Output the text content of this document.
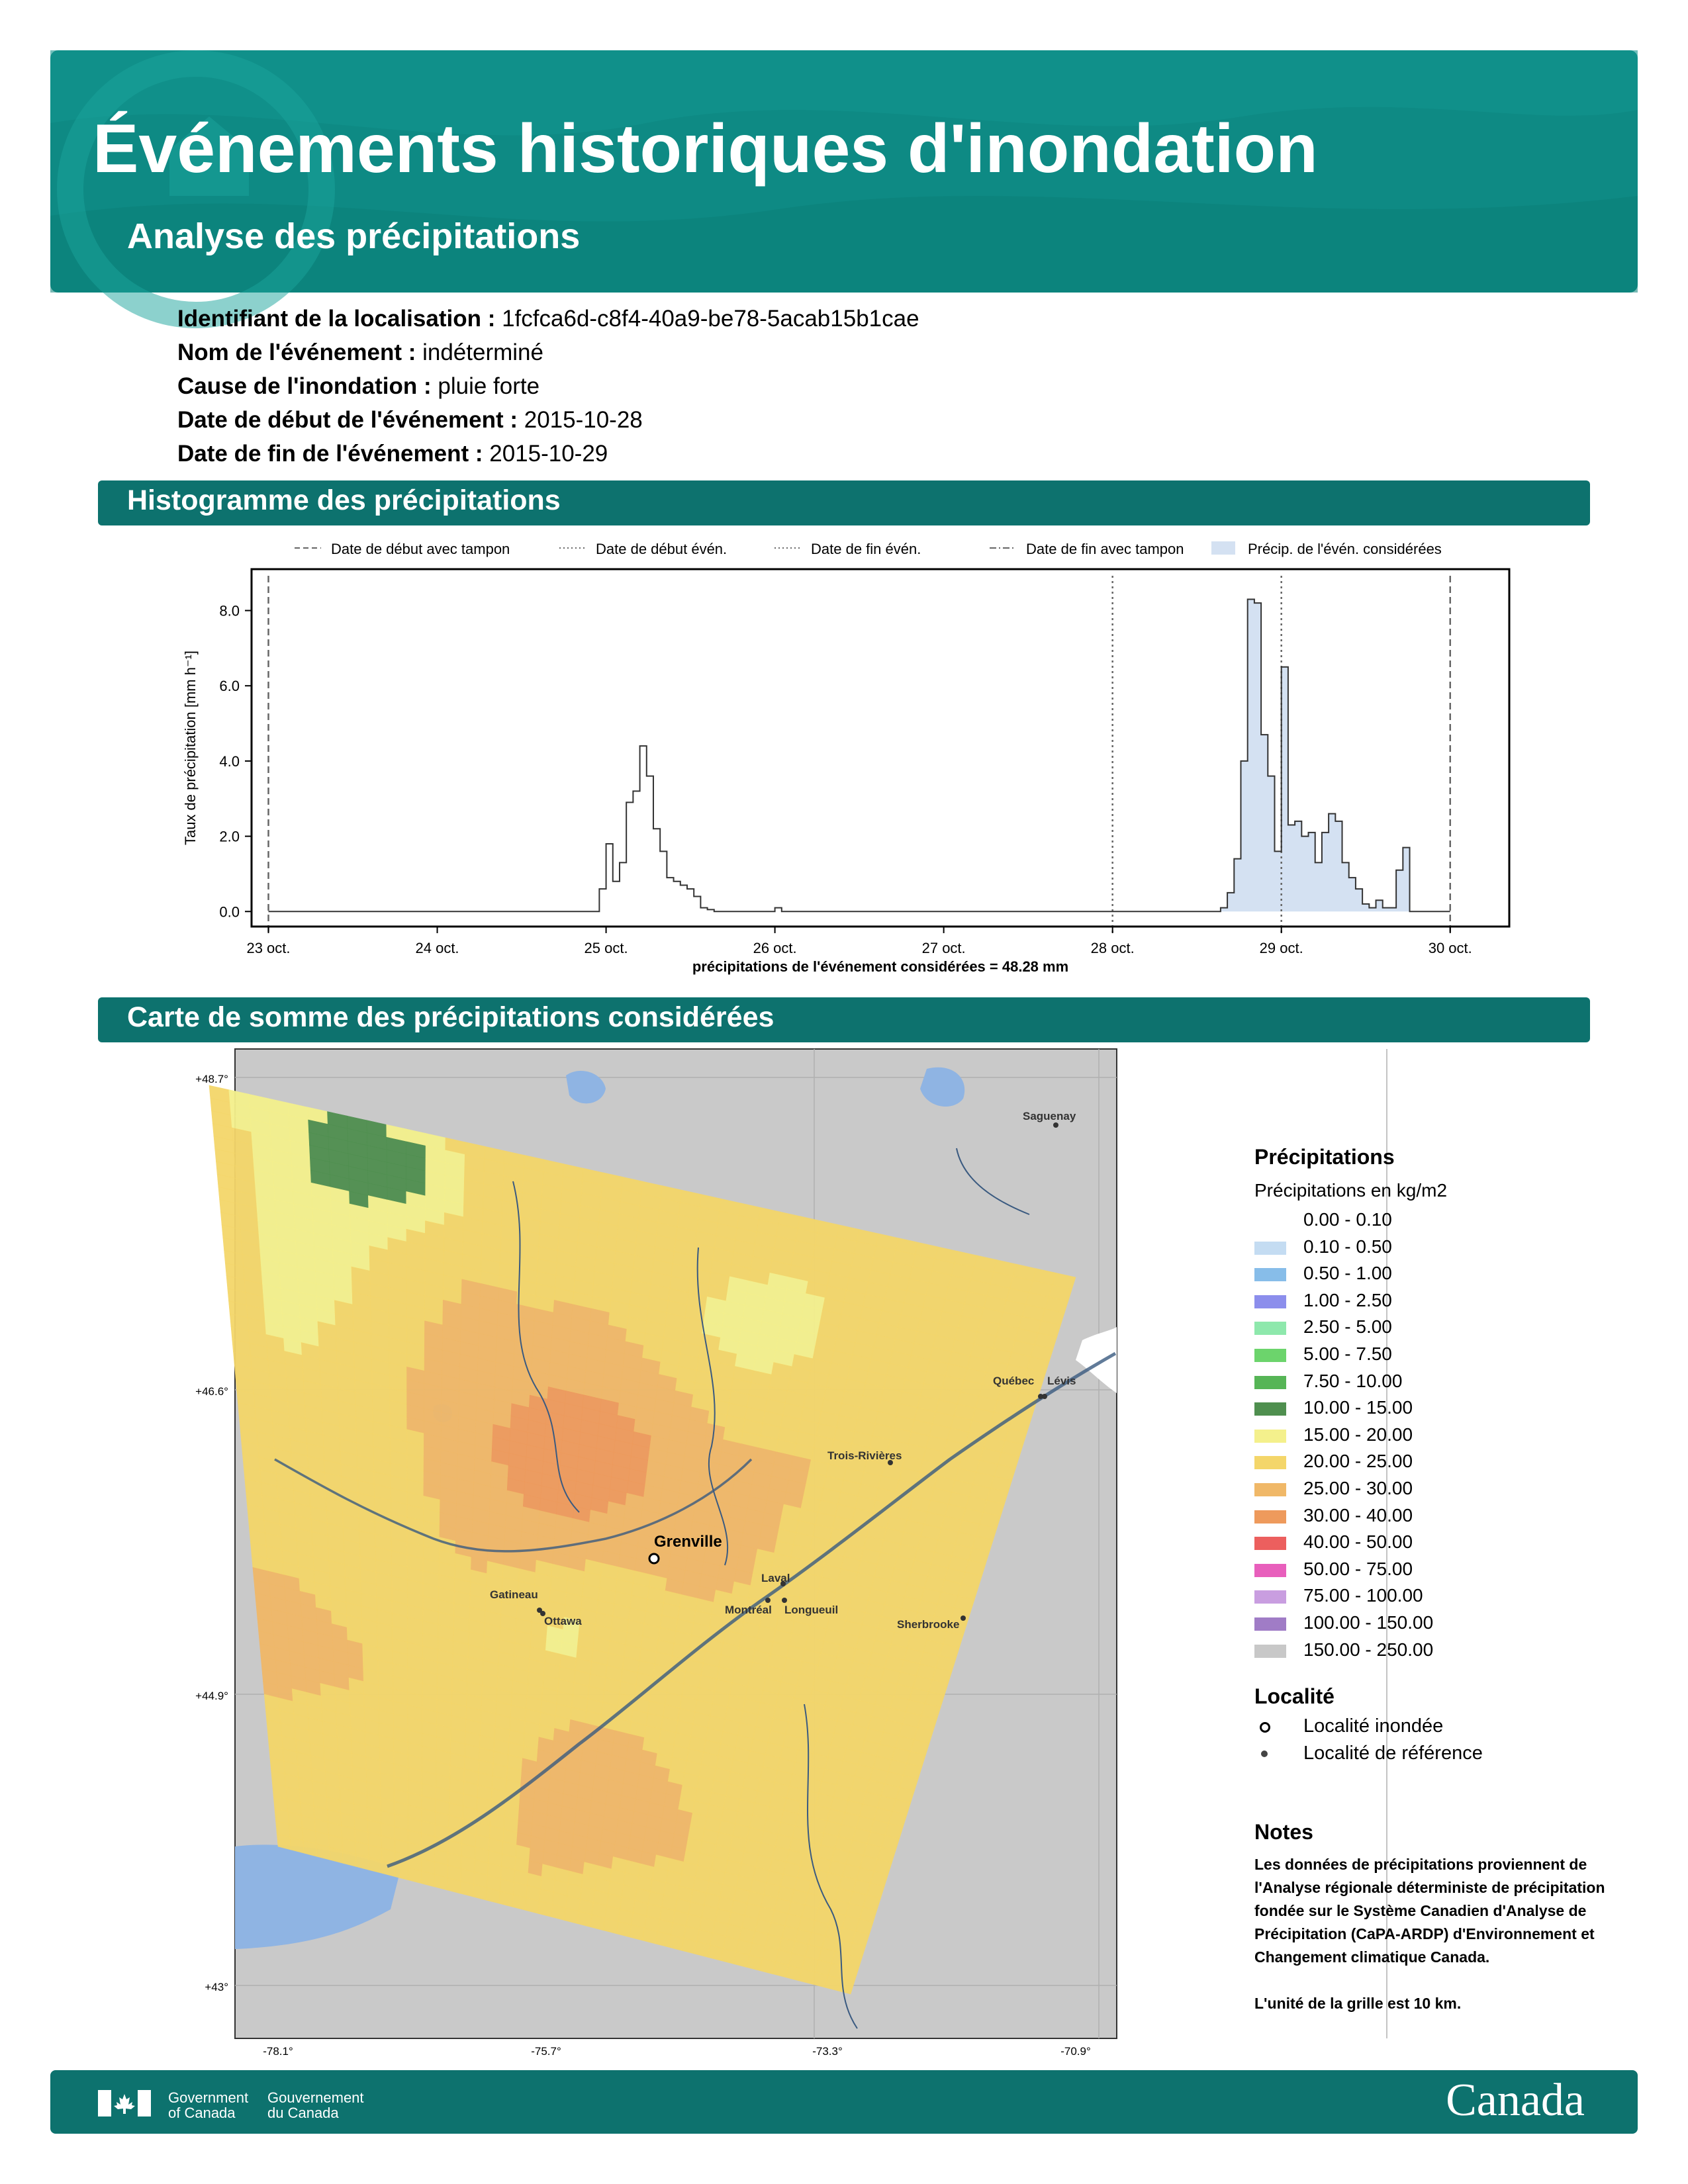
Événements historiques d'inondation
Analyse des précipitations
Identifiant de la localisation : 1fcfca6d-c8f4-40a9-be78-5acab15b1cae
Nom de l'événement : indéterminé
Cause de l'inondation : pluie forte
Date de début de l'événement : 2015-10-28
Date de fin de l'événement : 2015-10-29
Histogramme des précipitations
Date de début avec tampon	Date de début évén.	Date de fin évén.	Date de fin avec tampon	Précip. de l'évén. considérées
0.0
2.0
4.0
6.0
8.0
23 oct.	24 oct.	25 oct.	26 oct.	27 oct.	28 oct.	29 oct.	30 oct.
précipitations de l'événement considérées = 48.28 mm
Taux de précipitation [mm h⁻¹]
Carte de somme des précipitations considérées
+48.7°
+46.6°
+44.9°
+43°
-78.1°	-75.7°	-73.3°	-70.9°
Saguenay
Québec Lévis
Trois-Rivières
Laval
Montréal Longueuil
Gatineau
Ottawa	Sherbrooke
Grenville
Précipitations
Précipitations en kg/m2
0.00 - 0.10
0.10 - 0.50
0.50 - 1.00
1.00 - 2.50
2.50 - 5.00
5.00 - 7.50
7.50 - 10.00
10.00 - 15.00
15.00 - 20.00
20.00 - 25.00
25.00 - 30.00
30.00 - 40.00
40.00 - 50.00
50.00 - 75.00
75.00 - 100.00
100.00 - 150.00
150.00 - 250.00
Localité
Localité inondée
Localité de référence
Notes

Les données de précipitations proviennent de l'Analyse régionale déterministe de précipitation fondée sur le Système Canadien d'Analyse de Précipitation (CaPA-ARDP) d'Environnement et Changement climatique Canada.

L'unité de la grille est 10 km.

Government
of Canada
Gouvernement
du Canada	Canada
